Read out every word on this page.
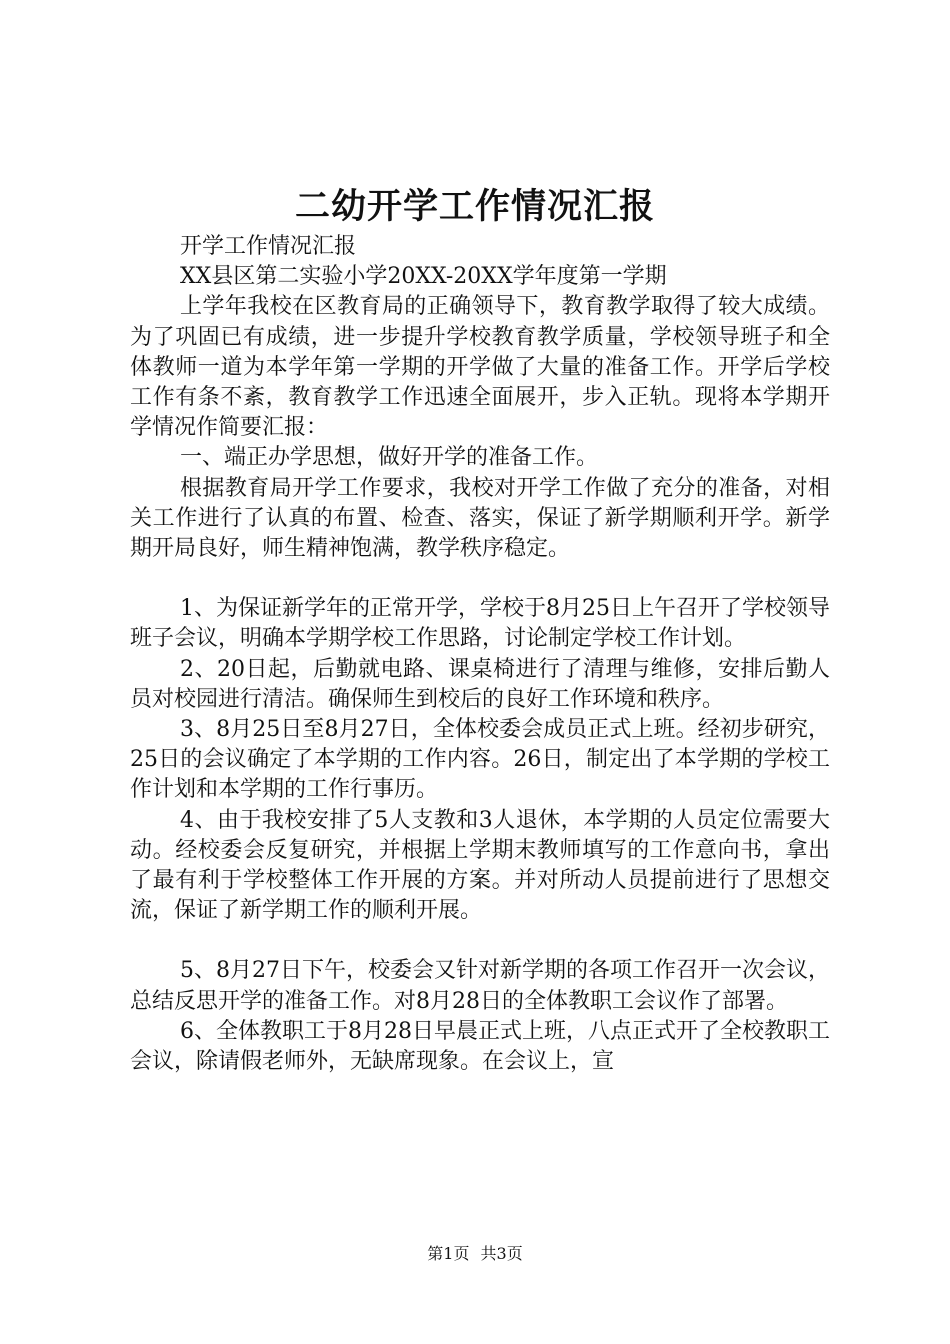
二幼开学工作情况汇报

开学工作情况汇报

XX县区第二实验小学20XX-20XX学年度第一学期

上学年我校在区教育局的正确领导下，教育教学取得了较大成绩。为了巩固已有成绩，进一步提升学校教育教学质量，学校领导班子和全体教师一道为本学年第一学期的开学做了大量的准备工作。开学后学校工作有条不紊，教育教学工作迅速全面展开，步入正轨。现将本学期开学情况作简要汇报：

一、端正办学思想，做好开学的准备工作。

根据教育局开学工作要求，我校对开学工作做了充分的准备，对相关工作进行了认真的布置、检查、落实，保证了新学期顺利开学。新学期开局良好，师生精神饱满，教学秩序稳定。

1、为保证新学年的正常开学，学校于8月25日上午召开了学校领导班子会议，明确本学期学校工作思路，讨论制定学校工作计划。

2、20日起，后勤就电路、课桌椅进行了清理与维修，安排后勤人员对校园进行清洁。确保师生到校后的良好工作环境和秩序。

3、8月25日至8月27日，全体校委会成员正式上班。经初步研究，25日的会议确定了本学期的工作内容。26日，制定出了本学期的学校工作计划和本学期的工作行事历。

4、由于我校安排了5人支教和3人退休，本学期的人员定位需要大动。经校委会反复研究，并根据上学期末教师填写的工作意向书，拿出了最有利于学校整体工作开展的方案。并对所动人员提前进行了思想交流，保证了新学期工作的顺利开展。

5、8月27日下午，校委会又针对新学期的各项工作召开一次会议，总结反思开学的准备工作。对8月28日的全体教职工会议作了部署。

6、全体教职工于8月28日早晨正式上班，八点正式开了全校教职工会议，除请假老师外，无缺席现象。在会议上，宣

第1页 共3页
